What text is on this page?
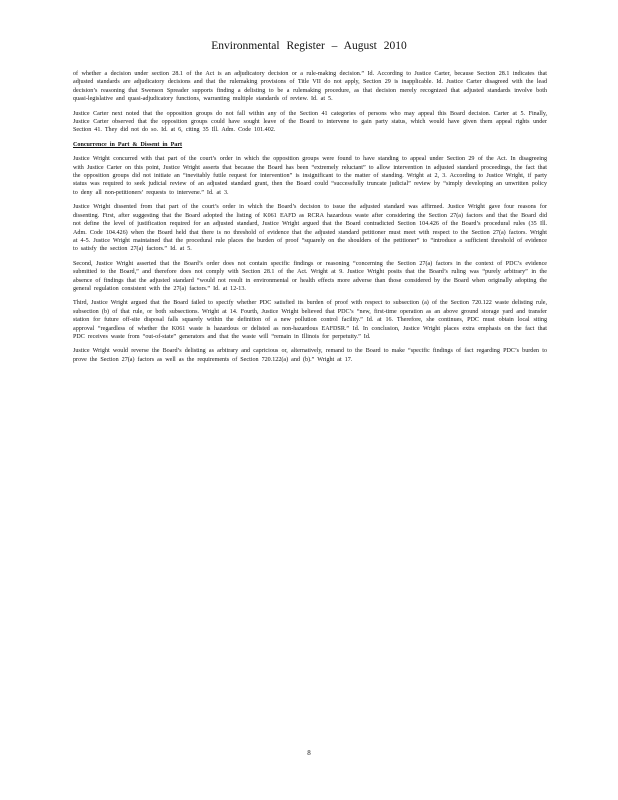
Environmental Register – August 2010

of whether a decision under section 28.1 of the Act is an adjudicatory decision or a rule-making decision.” Id. According to Justice Carter, because Section 28.1 indicates that adjusted standards are adjudicatory decisions and that the rulemaking provisions of Title VII do not apply, Section 29 is inapplicable. Id. Justice Carter disagreed with the lead decision’s reasoning that Swenson Spreader supports finding a delisting to be a rulemaking procedure, as that decision merely recognized that adjusted standards involve both quasi-legislative and quasi-adjudicatory functions, warranting multiple standards of review. Id. at 5.

Justice Carter next noted that the opposition groups do not fall within any of the Section 41 categories of persons who may appeal this Board decision. Carter at 5. Finally, Justice Carter observed that the opposition groups could have sought leave of the Board to intervene to gain party status, which would have given them appeal rights under Section 41. They did not do so. Id. at 6, citing 35 Ill. Adm. Code 101.402.

Concurrence in Part & Dissent in Part

Justice Wright concurred with that part of the court’s order in which the opposition groups were found to have standing to appeal under Section 29 of the Act. In disagreeing with Justice Carter on this point, Justice Wright asserts that because the Board has been “extremely reluctant” to allow intervention in adjusted standard proceedings, the fact that the opposition groups did not initiate an “inevitably futile request for intervention” is insignificant to the matter of standing. Wright at 2, 3. According to Justice Wright, if party status was required to seek judicial review of an adjusted standard grant, then the Board could “successfully truncate judicial” review by “simply developing an unwritten policy to deny all non-petitioners’ requests to intervene.” Id. at 3.

Justice Wright dissented from that part of the court’s order in which the Board’s decision to issue the adjusted standard was affirmed. Justice Wright gave four reasons for dissenting. First, after suggesting that the Board adopted the listing of K061 EAFD as RCRA hazardous waste after considering the Section 27(a) factors and that the Board did not define the level of justification required for an adjusted standard, Justice Wright argued that the Board contradicted Section 104.426 of the Board’s procedural rules (35 Ill. Adm. Code 104.426) when the Board held that there is no threshold of evidence that the adjusted standard petitioner must meet with respect to the Section 27(a) factors. Wright at 4-5. Justice Wright maintained that the procedural rule places the burden of proof “squarely on the shoulders of the petitioner” to “introduce a sufficient threshold of evidence to satisfy the section 27(a) factors.” Id. at 5.

Second, Justice Wright asserted that the Board’s order does not contain specific findings or reasoning “concerning the Section 27(a) factors in the context of PDC’s evidence submitted to the Board,” and therefore does not comply with Section 28.1 of the Act. Wright at 9. Justice Wright posits that the Board’s ruling was “purely arbitrary” in the absence of findings that the adjusted standard “would not result in environmental or health effects more adverse than those considered by the Board when originally adopting the general regulation consistent with the 27(a) factors.” Id. at 12-13.

Third, Justice Wright argued that the Board failed to specify whether PDC satisfied its burden of proof with respect to subsection (a) of the Section 720.122 waste delisting rule, subsection (b) of that rule, or both subsections. Wright at 14. Fourth, Justice Wright believed that PDC’s “new, first-time operation as an above ground storage yard and transfer station for future off-site disposal falls squarely within the definition of a new pollution control facility.” Id. at 16. Therefore, she continues, PDC must obtain local siting approval “regardless of whether the K061 waste is hazardous or delisted as non-hazardous EAFDSR.” Id. In conclusion, Justice Wright places extra emphasis on the fact that PDC receives waste from “out-of-state” generators and that the waste will “remain in Illinois for perpetuity.” Id.

Justice Wright would reverse the Board’s delisting as arbitrary and capricious or, alternatively, remand to the Board to make “specific findings of fact regarding PDC’s burden to prove the Section 27(a) factors as well as the requirements of Section 720.122(a) and (b).” Wright at 17.

8
